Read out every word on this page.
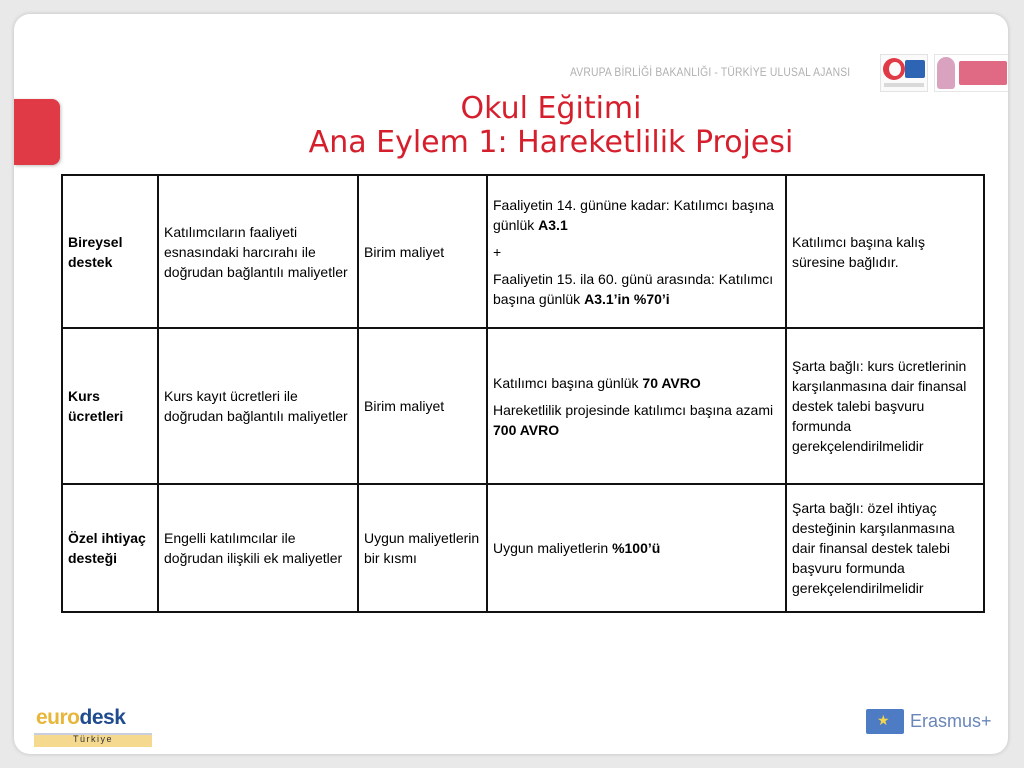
AVRUPA BİRLİĞİ BAKANLIĞI - TÜRKİYE ULUSAL AJANSI
Okul Eğitimi
Ana Eylem 1: Hareketlilik Projesi
Bireysel destek	Katılımcıların faaliyeti esnasındaki harcırahı ile doğrudan bağlantılı maliyetler	Birim maliyet	Faaliyetin 14. gününe kadar: Katılımcı başına günlük A3.1

+

Faaliyetin 15. ila 60. günü arasında: Katılımcı başına günlük A3.1’in %70’i	Katılımcı başına kalış süresine bağlıdır.
Kurs ücretleri	Kurs kayıt ücretleri ile doğrudan bağlantılı maliyetler	Birim maliyet	Katılımcı başına günlük 70 AVRO

Hareketlilik projesinde katılımcı başına azami 700 AVRO	Şarta bağlı: kurs ücretlerinin karşılanmasına dair finansal destek talebi başvuru formunda gerekçelendirilmelidir
Özel ihtiyaç desteği	Engelli katılımcılar ile doğrudan ilişkili ek maliyetler	Uygun maliyetlerin bir kısmı	Uygun maliyetlerin %100’ü	Şarta bağlı: özel ihtiyaç desteğinin karşılanmasına dair finansal destek talebi başvuru formunda gerekçelendirilmelidir
eurodesk
Türkiye
★
Erasmus+
